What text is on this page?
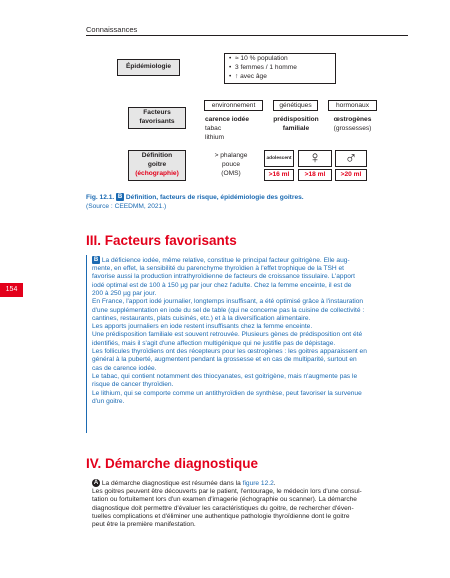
Connaissances
Épidémiologie
•  ≈ 10 % population
•  3 femmes / 1 homme
•  ↑ avec âge
Facteurs
favorisants
environnement
carence iodée
tabac
lithium
génétiques
prédisposition
familiale
hormonaux
œstrogènes
(grossesses)
Définition
goitre
(échographie)
> phalange
pouce
(OMS)
adolescent	♀	♂
>16 ml	>18 ml	>20 ml
Fig. 12.1. B Définition, facteurs de risque, épidémiologie des goitres.
(Source : CEEDMM, 2021.)
154
III. Facteurs favorisants
B La déficience iodée, même relative, constitue le principal facteur goitrigène. Elle aug-
mente, en effet, la sensibilité du parenchyme thyroïdien à l'effet trophique de la TSH et
favorise aussi la production intrathyroïdienne de facteurs de croissance tissulaire. L'apport
iodé optimal est de 100 à 150 µg par jour chez l'adulte. Chez la femme enceinte, il est de
200 à 250 µg par jour.
En France, l'apport iodé journalier, longtemps insuffisant, a été optimisé grâce à l'instauration
d'une supplémentation en iode du sel de table (qui ne concerne pas la cuisine de collectivité :
cantines, restaurants, plats cuisinés, etc.) et à la diversification alimentaire.
Les apports journaliers en iode restent insuffisants chez la femme enceinte.
Une prédisposition familiale est souvent retrouvée. Plusieurs gènes de prédisposition ont été
identifiés, mais il s'agit d'une affection multigénique qui ne justifie pas de dépistage.
Les follicules thyroïdiens ont des récepteurs pour les œstrogènes : les goitres apparaissent en
général à la puberté, augmentent pendant la grossesse et en cas de multiparité, surtout en
cas de carence iodée.
Le tabac, qui contient notamment des thiocyanates, est goitrigène, mais n'augmente pas le
risque de cancer thyroïdien.
Le lithium, qui se comporte comme un antithyroïdien de synthèse, peut favoriser la survenue
d'un goitre.
IV. Démarche diagnostique
A La démarche diagnostique est résumée dans la figure 12.2.
Les goitres peuvent être découverts par le patient, l'entourage, le médecin lors d'une consul-
tation ou fortuitement lors d'un examen d'imagerie (échographie ou scanner). La démarche
diagnostique doit permettre d'évaluer les caractéristiques du goitre, de rechercher d'éven-
tuelles complications et d'éliminer une authentique pathologie thyroïdienne dont le goitre
peut être la première manifestation.
